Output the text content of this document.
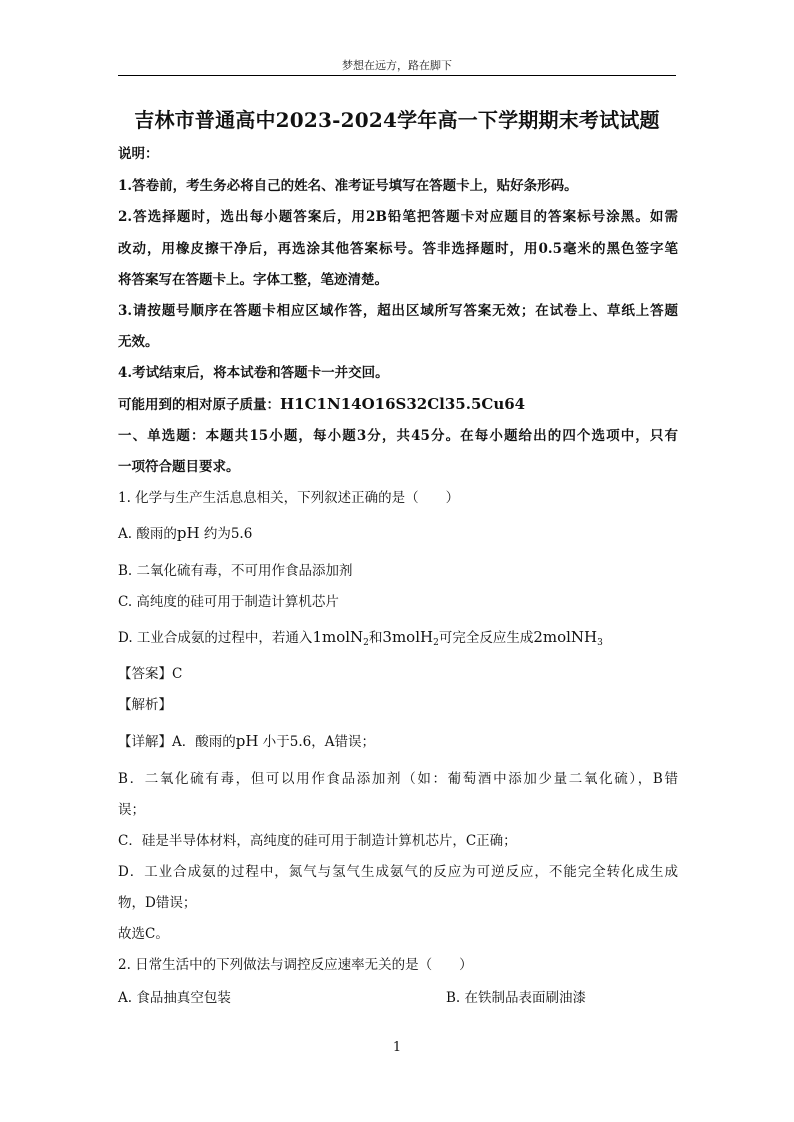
梦想在远方，路在脚下
吉林市普通高中2023-2024学年高一下学期期末考试试题
说明：
1.答卷前，考生务必将自己的姓名、准考证号填写在答题卡上，贴好条形码。
2.答选择题时，选出每小题答案后，用2B铅笔把答题卡对应题目的答案标号涂黑。如需
改动，用橡皮擦干净后，再选涂其他答案标号。答非选择题时，用0.5毫米的黑色签字笔
将答案写在答题卡上。字体工整，笔迹清楚。
3.请按题号顺序在答题卡相应区域作答，超出区域所写答案无效；在试卷上、草纸上答题
无效。
4.考试结束后，将本试卷和答题卡一并交回。
可能用到的相对原子质量：H1C1N14O16S32Cl35.5Cu64
一、单选题：本题共15小题，每小题3分，共45分。在每小题给出的四个选项中，只有
一项符合题目要求。
1. 化学与生产生活息息相关，下列叙述正确的是（　　）
A. 酸雨的pH 约为5.6
B. 二氧化硫有毒，不可用作食品添加剂
C. 高纯度的硅可用于制造计算机芯片
D. 工业合成氨的过程中，若通入1molN$_2$和3molH$_2$可完全反应生成2molNH$_3$
【答案】C
【解析】
【详解】A．酸雨的pH 小于5.6，A错误；
B．二氧化硫有毒，但可以用作食品添加剂（如：葡萄酒中添加少量二氧化硫），B错
误；
C．硅是半导体材料，高纯度的硅可用于制造计算机芯片，C正确；
D．工业合成氨的过程中，氮气与氢气生成氨气的反应为可逆反应，不能完全转化成生成
物，D错误；
故选C。
2. 日常生活中的下列做法与调控反应速率无关的是（　　）
A. 食品抽真空包装	B. 在铁制品表面刷油漆
1
